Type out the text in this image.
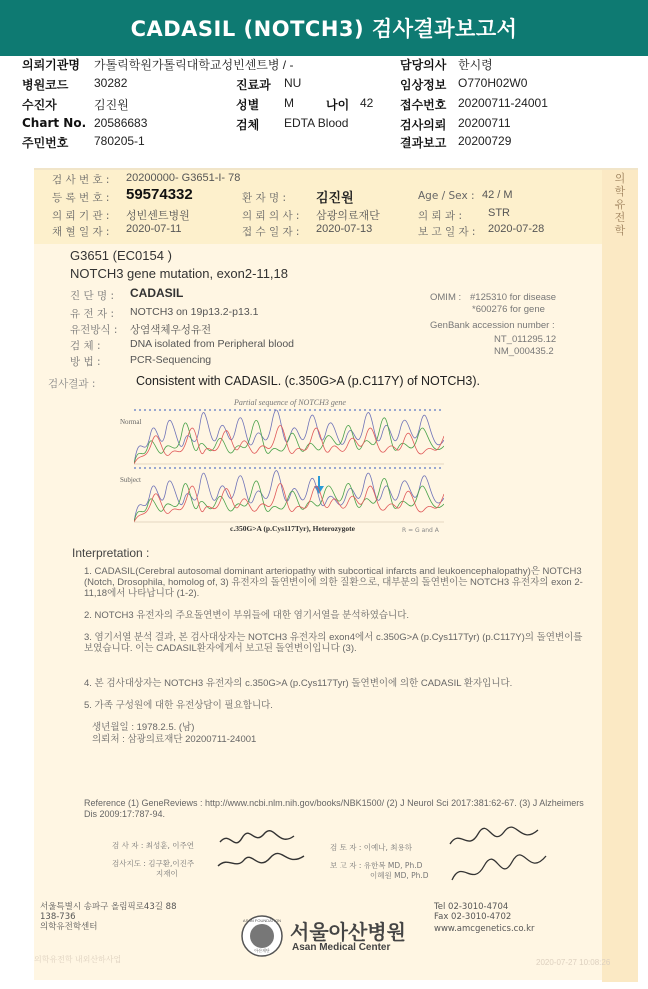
CADASIL (NOTCH3) 검사결과보고서
의뢰기관명 가톨릭학원가톨릭대학교성빈센트병 / -	담당의사 한시령
병원코드 30282	진료과 NU	임상정보 O770H02W0
수진자	김진원	성별 M	나이 42 접수번호 20200711-24001
Chart No. 20586683	검체 EDTA Blood	검사의뢰 20200711
주민번호 780205-1	결과보고 20200729
의학유전학
검 사 번 호 : 20200000- G3651-I- 78
등 록 번 호 : 59574332	환 자 명 : 김진원	Age / Sex : 42 / M
의 뢰 기 관 : 성빈센트병원	의 뢰 의 사 : 삼광의료재단	의 뢰 과 : STR
채 혈 일 자 : 2020-07-11	접 수 일 자 : 2020-07-13	보 고 일 자 : 2020-07-28
G3651 (EC0154 )
NOTCH3 gene mutation, exon2-11,18
진 단 명 : CADASIL
유 전 자 : NOTCH3 on 19p13.2-p13.1
유전방식 : 상염색체우성유전
검 체 :	DNA isolated from Peripheral blood
방 법 :	PCR-Sequencing
OMIM : #125310 for disease
*600276 for gene
GenBank accession number :
NT_011295.12
NM_000435.2
검사결과 :	Consistent with CADASIL. (c.350G>A (p.C117Y) of NOTCH3).
Partial sequence of NOTCH3 gene
Normal
Subject
c.350G>A (p.Cys117Tyr), Heterozygote	R = G and A
Interpretation :
1. CADASIL(Cerebral autosomal dominant arteriopathy with subcortical infarcts and leukoencephalopathy)은 NOTCH3 (Notch, Drosophila, homolog of, 3) 유전자의 돌연변이에 의한 질환으로, 대부분의 돌연변이는 NOTCH3 유전자의 exon 2-11,18에서 나타납니다 (1-2).
2. NOTCH3 유전자의 주요돌연변이 부위들에 대한 염기서열을 분석하였습니다.
3. 염기서열 분석 결과, 본 검사대상자는 NOTCH3 유전자의 exon4에서 c.350G>A (p.Cys117Tyr) (p.C117Y)의 돌연변이를 보였습니다. 이는 CADASIL환자에게서 보고된 돌연변이입니다 (3).
4. 본 검사대상자는 NOTCH3 유전자의 c.350G>A (p.Cys117Tyr) 돌연변이에 의한 CADASIL 환자입니다.
5. 가족 구성원에 대한 유전상담이 필요합니다.
생년월일 : 1978.2.5. (남)
의뢰처 : 삼광의료재단 20200711-24001
Reference (1) GeneReviews : http://www.ncbi.nlm.nih.gov/books/NBK1500/ (2) J Neurol Sci 2017:381:62-67. (3) J Alzheimers Dis 2009:17:787-94.
검 사 자 : 최성훈, 이주연
검사지도 : 김구환,이진주
지재이
검 토 자 : 이예나, 최용하
보 고 자 : 유한복 MD, Ph.D
이혜원 MD, Ph.D
서울특별시 송파구 올림픽로43길 88
138-736
의학유전학센터
ASAN FOUNDATION
아산재단
서울아산병원
Asan Medical Center
Tel 02-3010-4704
Fax 02-3010-4702
www.amcgenetics.co.kr
의학유전학 내외산하사업	2020-07-27 10:08:26
